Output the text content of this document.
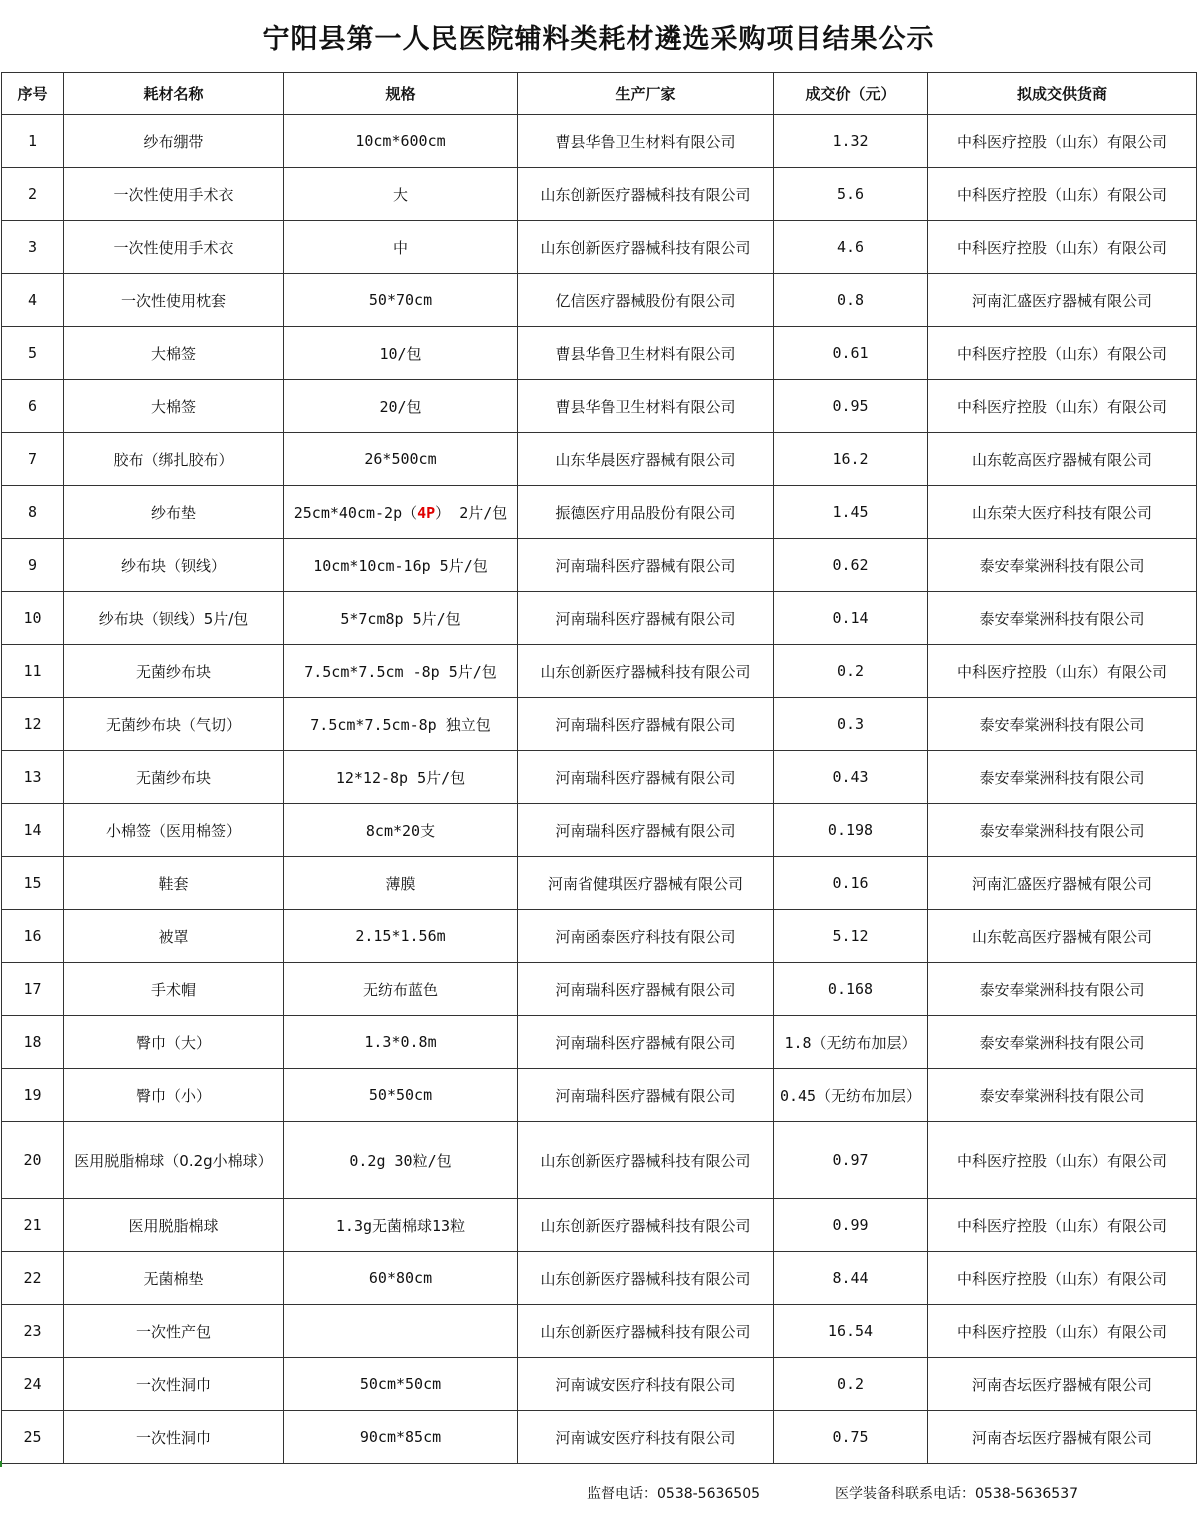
宁阳县第一人民医院辅料类耗材遴选采购项目结果公示
序号	耗材名称	规格	生产厂家	成交价（元）	拟成交供货商
1	纱布绷带	10cm*600cm	曹县华鲁卫生材料有限公司	1.32	中科医疗控股（山东）有限公司
2	一次性使用手术衣	大	山东创新医疗器械科技有限公司	5.6	中科医疗控股（山东）有限公司
3	一次性使用手术衣	中	山东创新医疗器械科技有限公司	4.6	中科医疗控股（山东）有限公司
4	一次性使用枕套	50*70cm	亿信医疗器械股份有限公司	0.8	河南汇盛医疗器械有限公司
5	大棉签	10/包	曹县华鲁卫生材料有限公司	0.61	中科医疗控股（山东）有限公司
6	大棉签	20/包	曹县华鲁卫生材料有限公司	0.95	中科医疗控股（山东）有限公司
7	胶布（绑扎胶布）	26*500cm	山东华晨医疗器械有限公司	16.2	山东乾高医疗器械有限公司
8	纱布垫	25cm*40cm-2p（4P） 2片/包	振德医疗用品股份有限公司	1.45	山东荣大医疗科技有限公司
9	纱布块（钡线）	10cm*10cm-16p 5片/包	河南瑞科医疗器械有限公司	0.62	泰安奉棠洲科技有限公司
10	纱布块（钡线）5片/包	5*7cm8p 5片/包	河南瑞科医疗器械有限公司	0.14	泰安奉棠洲科技有限公司
11	无菌纱布块	7.5cm*7.5cm -8p 5片/包	山东创新医疗器械科技有限公司	0.2	中科医疗控股（山东）有限公司
12	无菌纱布块（气切）	7.5cm*7.5cm-8p 独立包	河南瑞科医疗器械有限公司	0.3	泰安奉棠洲科技有限公司
13	无菌纱布块	12*12-8p 5片/包	河南瑞科医疗器械有限公司	0.43	泰安奉棠洲科技有限公司
14	小棉签（医用棉签）	8cm*20支	河南瑞科医疗器械有限公司	0.198	泰安奉棠洲科技有限公司
15	鞋套	薄膜	河南省健琪医疗器械有限公司	0.16	河南汇盛医疗器械有限公司
16	被罩	2.15*1.56m	河南函泰医疗科技有限公司	5.12	山东乾高医疗器械有限公司
17	手术帽	无纺布蓝色	河南瑞科医疗器械有限公司	0.168	泰安奉棠洲科技有限公司
18	臀巾（大）	1.3*0.8m	河南瑞科医疗器械有限公司	1.8（无纺布加层）	泰安奉棠洲科技有限公司
19	臀巾（小）	50*50cm	河南瑞科医疗器械有限公司	0.45（无纺布加层）	泰安奉棠洲科技有限公司
20	医用脱脂棉球（0.2g小棉球）	0.2g 30粒/包	山东创新医疗器械科技有限公司	0.97	中科医疗控股（山东）有限公司
21	医用脱脂棉球	1.3g无菌棉球13粒	山东创新医疗器械科技有限公司	0.99	中科医疗控股（山东）有限公司
22	无菌棉垫	60*80cm	山东创新医疗器械科技有限公司	8.44	中科医疗控股（山东）有限公司
23	一次性产包		山东创新医疗器械科技有限公司	16.54	中科医疗控股（山东）有限公司
24	一次性洞巾	50cm*50cm	河南诚安医疗科技有限公司	0.2	河南杏坛医疗器械有限公司
25	一次性洞巾	90cm*85cm	河南诚安医疗科技有限公司	0.75	河南杏坛医疗器械有限公司
监督电话：0538-5636505	医学装备科联系电话：0538-5636537
